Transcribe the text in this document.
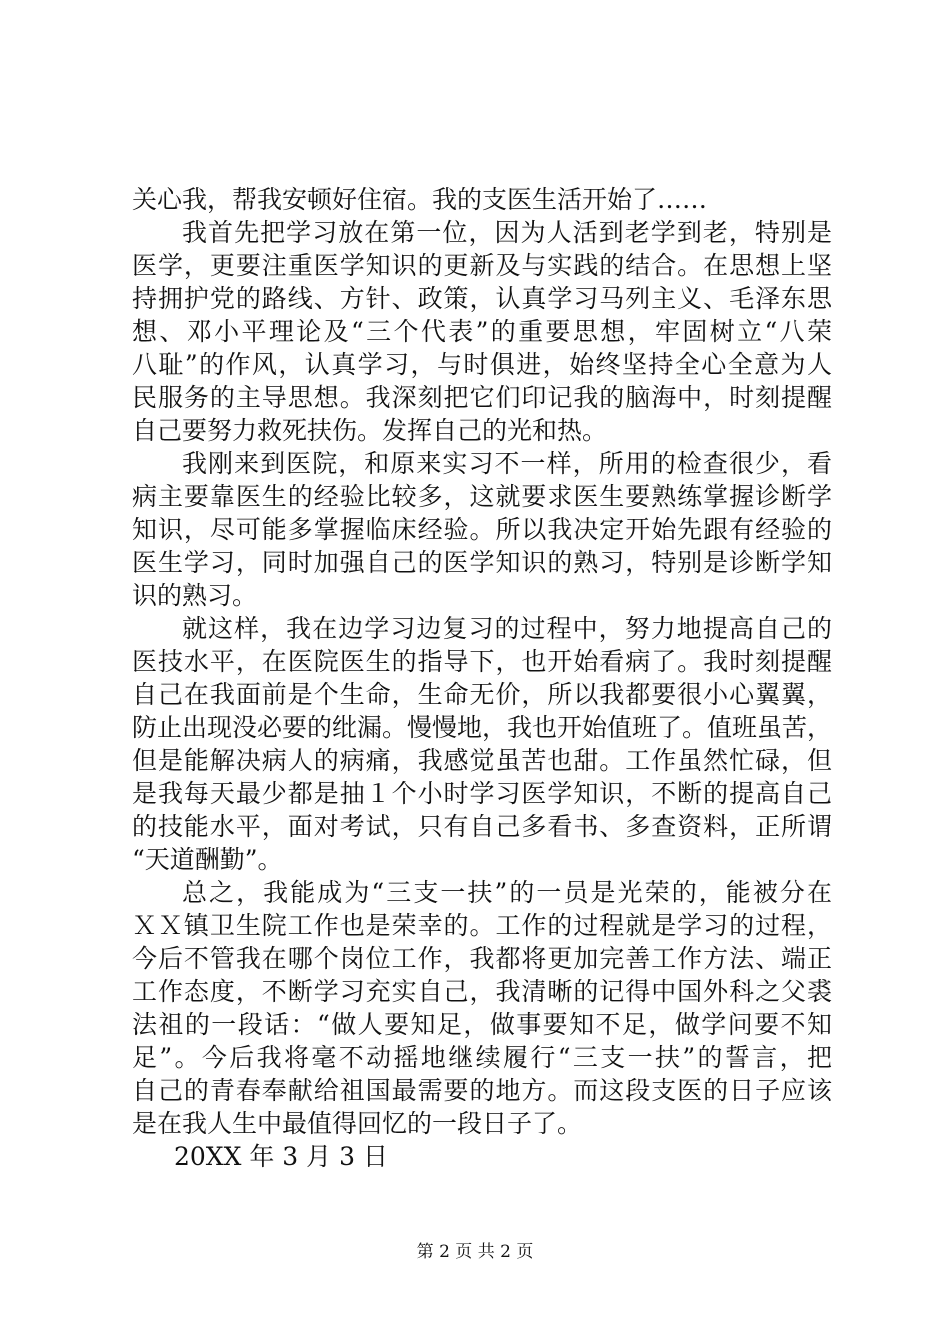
关心我，帮我安顿好住宿。我的支医生活开始了……
我首先把学习放在第一位，因为人活到老学到老，特别是
医学，更要注重医学知识的更新及与实践的结合。在思想上坚
持拥护党的路线、方针、政策，认真学习马列主义、毛泽东思
想、邓小平理论及“三个代表”的重要思想，牢固树立“八荣
八耻”的作风，认真学习，与时俱进，始终坚持全心全意为人
民服务的主导思想。我深刻把它们印记我的脑海中，时刻提醒
自己要努力救死扶伤。发挥自己的光和热。
我刚来到医院，和原来实习不一样，所用的检查很少，看
病主要靠医生的经验比较多，这就要求医生要熟练掌握诊断学
知识，尽可能多掌握临床经验。所以我决定开始先跟有经验的
医生学习，同时加强自己的医学知识的熟习，特别是诊断学知
识的熟习。
就这样，我在边学习边复习的过程中，努力地提高自己的
医技水平，在医院医生的指导下，也开始看病了。我时刻提醒
自己在我面前是个生命，生命无价，所以我都要很小心翼翼，
防止出现没必要的纰漏。慢慢地，我也开始值班了。值班虽苦，
但是能解决病人的病痛，我感觉虽苦也甜。工作虽然忙碌，但
是我每天最少都是抽１个小时学习医学知识，不断的提高自己
的技能水平，面对考试，只有自己多看书、多查资料，正所谓
“天道酬勤”。
总之，我能成为“三支一扶”的一员是光荣的，能被分在
ＸＸ镇卫生院工作也是荣幸的。工作的过程就是学习的过程，
今后不管我在哪个岗位工作，我都将更加完善工作方法、端正
工作态度，不断学习充实自己，我清晰的记得中国外科之父裘
法祖的一段话：“做人要知足，做事要知不足，做学问要不知
足”。今后我将毫不动摇地继续履行“三支一扶”的誓言，把
自己的青春奉献给祖国最需要的地方。而这段支医的日子应该
是在我人生中最值得回忆的一段日子了。
20XX 年 3 月 3 日
第 2 页 共 2 页
